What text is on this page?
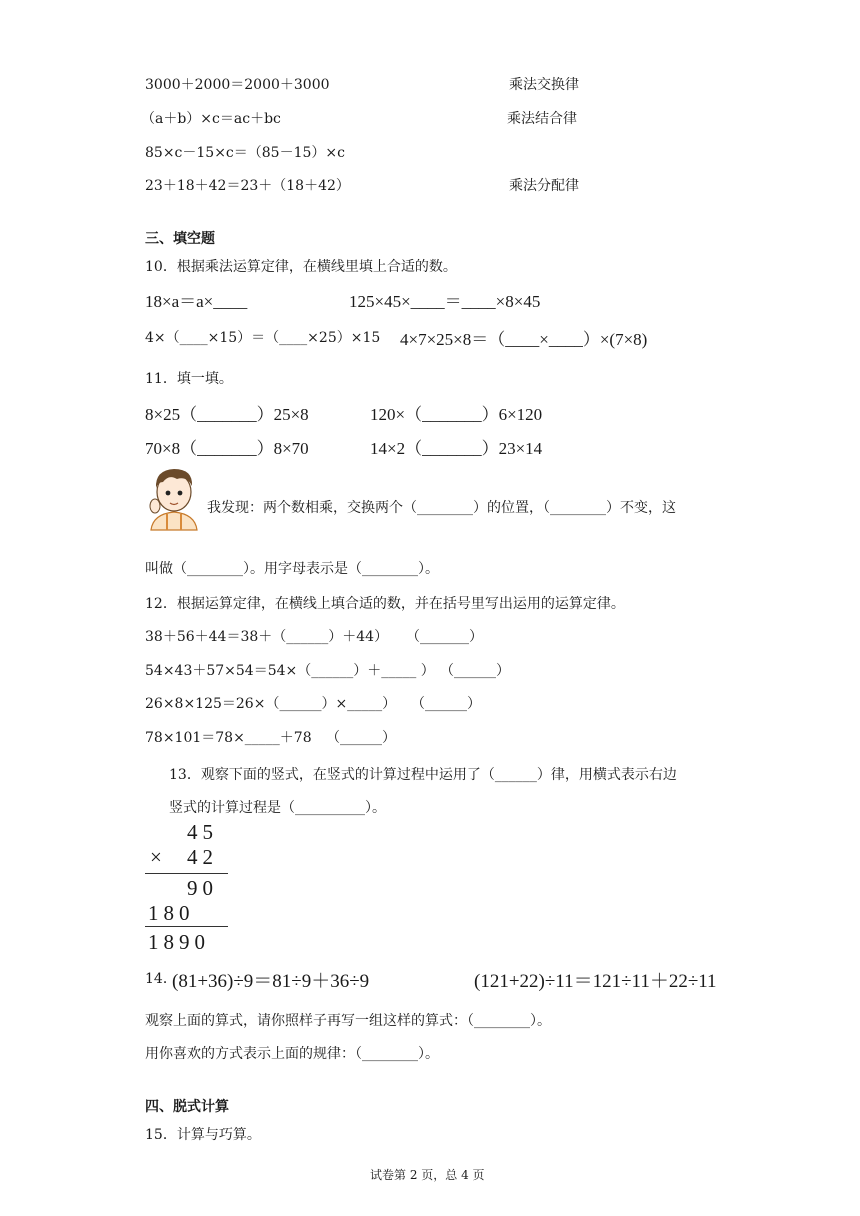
3000＋2000＝2000＋3000	乘法交换律
（a＋b）×c＝ac＋bc	乘法结合律
85×c－15×c＝（85－15）×c
23＋18＋42＝23＋（18＋42）	乘法分配律
三、填空题
10．根据乘法运算定律，在横线里填上合适的数。
18×a＝a×____	125×45×____＝____×8×45
4×（____×15）＝（____×25）×15 4×7×25×8＝（____×____）×(7×8)
11．填一填。
8×25（_______）25×8	120×（_______）6×120
70×8（_______）8×70	14×2（_______）23×14
我发现：两个数相乘，交换两个（________）的位置，（________）不变，这
叫做（________）。用字母表示是（________）。
12．根据运算定律，在横线上填合适的数，并在括号里写出运用的运算定律。
38＋56＋44＝38＋（______）＋44） （_______）
54×43＋57×54＝54×（______）＋_____ ） （______）
26×8×125＝26×（______）×_____） （______）
78×101＝78×_____＋78 （______）
13．观察下面的竖式，在竖式的计算过程中运用了（______）律，用横式表示右边
竖式的计算过程是（__________）。
45
× 42
90
180
1890
14．
(81+36)÷9＝81÷9＋36÷9	(121+22)÷11＝121÷11＋22÷11
观察上面的算式，请你照样子再写一组这样的算式：（________）。
用你喜欢的方式表示上面的规律：（________）。
四、脱式计算
15．计算与巧算。
试卷第 2 页，总 4 页
